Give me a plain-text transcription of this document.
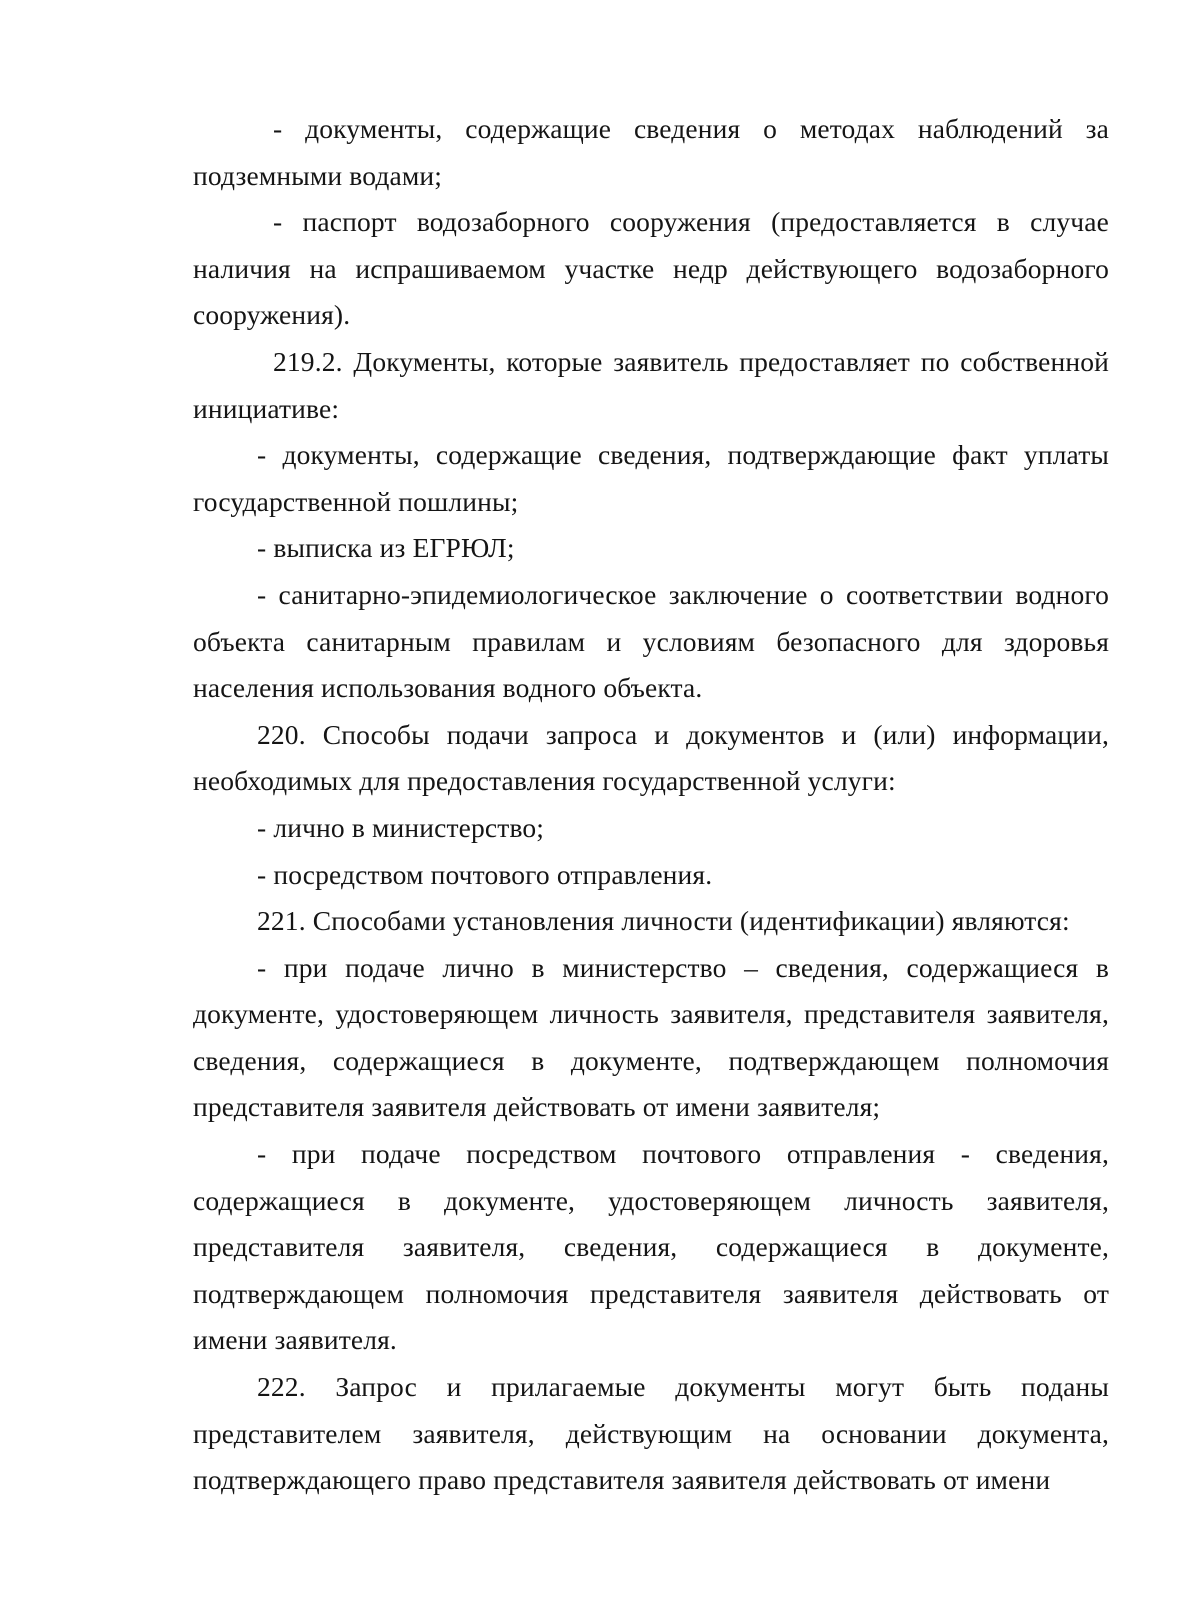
- документы, содержащие сведения о методах наблюдений за подземными водами;

- паспорт водозаборного сооружения (предоставляется в случае наличия на испрашиваемом участке недр действующего водозаборного сооружения).

219.2. Документы, которые заявитель предоставляет по собственной инициативе:

- документы, содержащие сведения, подтверждающие факт уплаты государственной пошлины;

- выписка из ЕГРЮЛ;

- санитарно-эпидемиологическое заключение о соответствии водного объекта санитарным правилам и условиям безопасного для здоровья населения использования водного объекта.

220. Способы подачи запроса и документов и (или) информации, необходимых для предоставления государственной услуги:

- лично в министерство;

- посредством почтового отправления.

221. Способами установления личности (идентификации) являются:

- при подаче лично в министерство – сведения, содержащиеся в документе, удостоверяющем личность заявителя, представителя заявителя, сведения, содержащиеся в документе, подтверждающем полномочия представителя заявителя действовать от имени заявителя;

- при подаче посредством почтового отправления - сведения, содержащиеся в документе, удостоверяющем личность заявителя, представителя заявителя, сведения, содержащиеся в документе, подтверждающем полномочия представителя заявителя действовать от имени заявителя.

222. Запрос и прилагаемые документы могут быть поданы представителем заявителя, действующим на основании документа, подтверждающего право представителя заявителя действовать от имени
